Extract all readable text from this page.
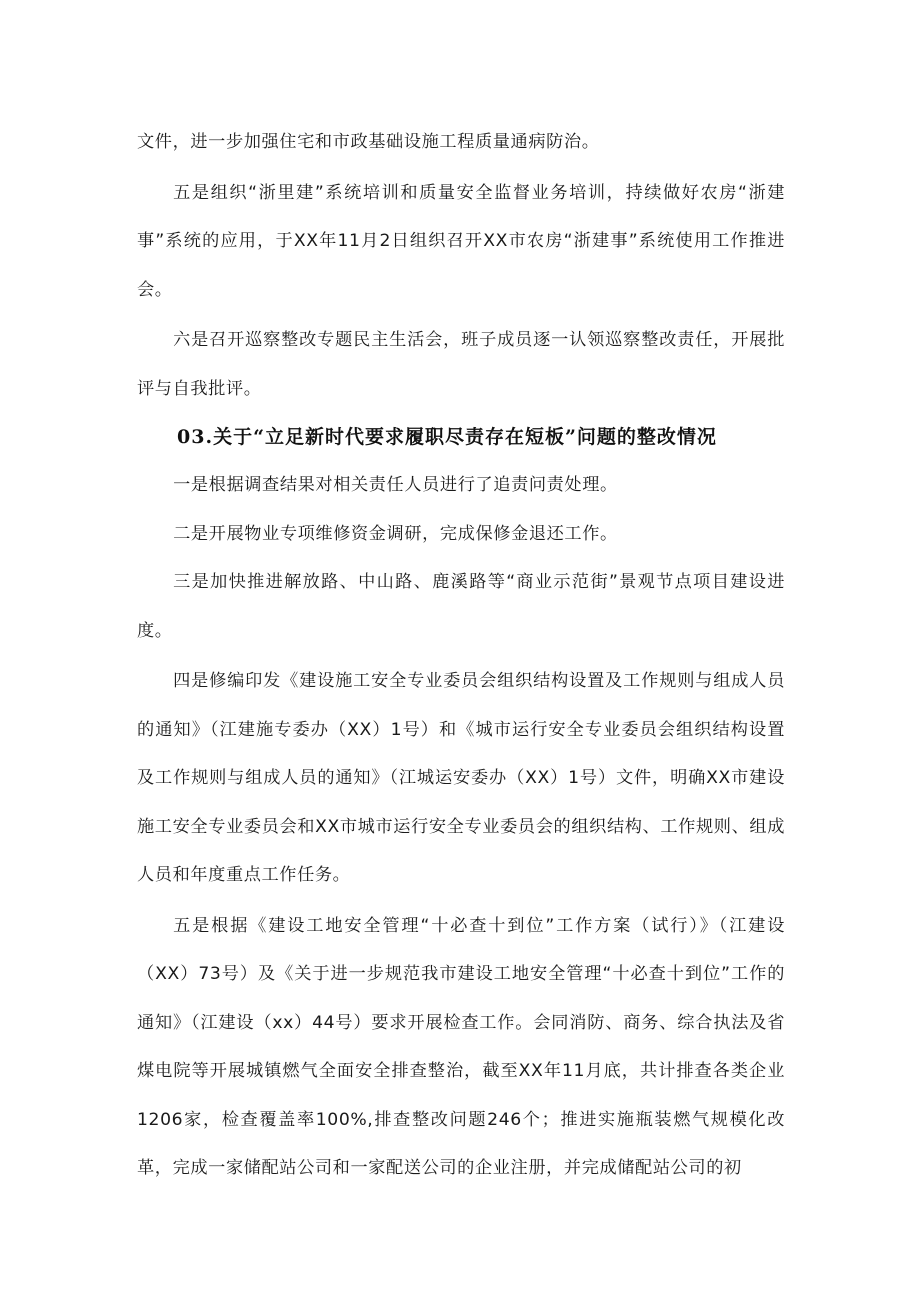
文件，进一步加强住宅和市政基础设施工程质量通病防治。

五是组织“浙里建”系统培训和质量安全监督业务培训，持续做好农房“浙建事”系统的应用，于XX年11月2日组织召开XX市农房“浙建事”系统使用工作推进会。

六是召开巡察整改专题民主生活会，班子成员逐一认领巡察整改责任，开展批评与自我批评。

03.关于“立足新时代要求履职尽责存在短板”问题的整改情况

一是根据调查结果对相关责任人员进行了追责问责处理。

二是开展物业专项维修资金调研，完成保修金退还工作。

三是加快推进解放路、中山路、鹿溪路等“商业示范街”景观节点项目建设进度。

四是修编印发《建设施工安全专业委员会组织结构设置及工作规则与组成人员的通知》（江建施专委办（XX）1号）和《城市运行安全专业委员会组织结构设置及工作规则与组成人员的通知》（江城运安委办（XX）1号）文件，明确XX市建设施工安全专业委员会和XX市城市运行安全专业委员会的组织结构、工作规则、组成人员和年度重点工作任务。

五是根据《建设工地安全管理“十必查十到位”工作方案（试行）》（江建设（XX）73号）及《关于进一步规范我市建设工地安全管理“十必查十到位”工作的通知》（江建设（xx）44号）要求开展检查工作。会同消防、商务、综合执法及省煤电院等开展城镇燃气全面安全排查整治，截至XX年11月底，共计排查各类企业1206家，检查覆盖率100%,排查整改问题246个；推进实施瓶装燃气规模化改革，完成一家储配站公司和一家配送公司的企业注册，并完成储配站公司的初
